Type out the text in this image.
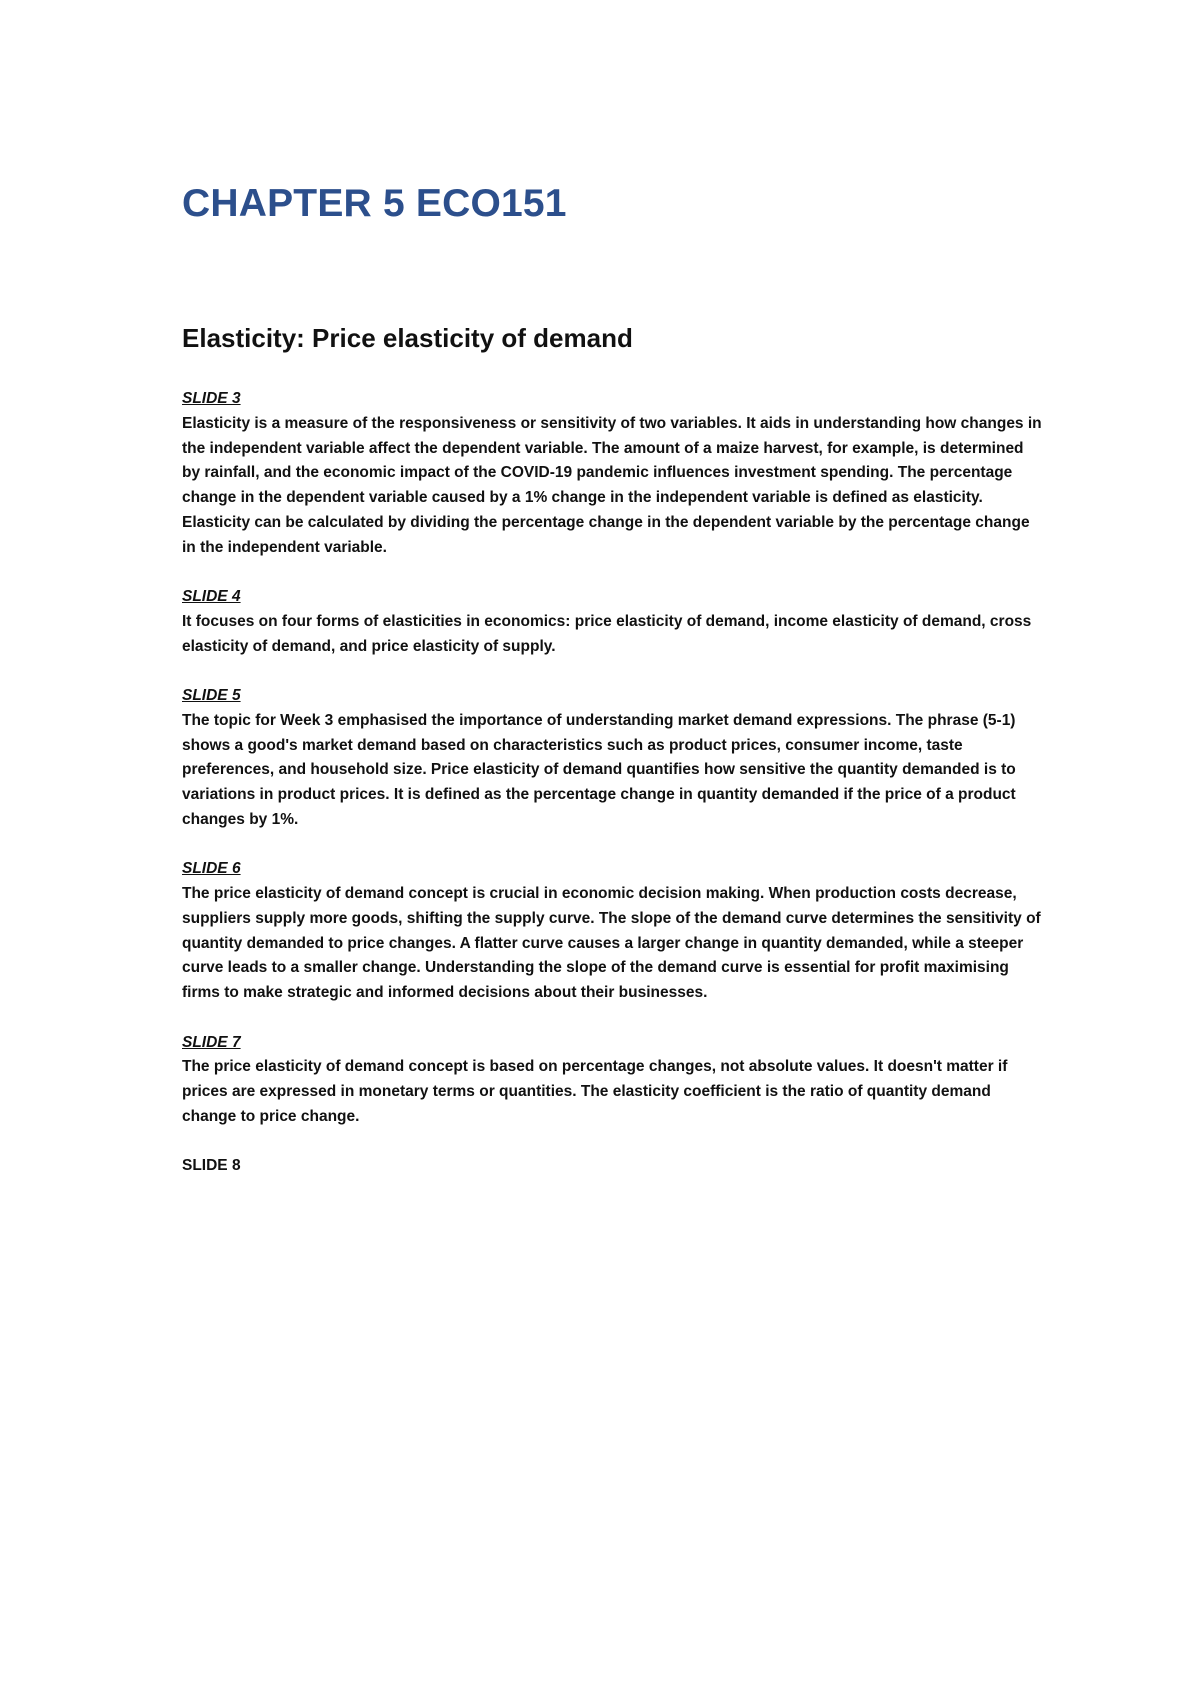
CHAPTER 5 ECO151
Elasticity: Price elasticity of demand
SLIDE 3

Elasticity is a measure of the responsiveness or sensitivity of two variables. It aids in understanding how changes in the independent variable affect the dependent variable. The amount of a maize harvest, for example, is determined by rainfall, and the economic impact of the COVID-19 pandemic influences investment spending. The percentage change in the dependent variable caused by a 1% change in the independent variable is defined as elasticity. Elasticity can be calculated by dividing the percentage change in the dependent variable by the percentage change in the independent variable.

SLIDE 4

It focuses on four forms of elasticities in economics: price elasticity of demand, income elasticity of demand, cross elasticity of demand, and price elasticity of supply.

SLIDE 5

The topic for Week 3 emphasised the importance of understanding market demand expressions. The phrase (5-1) shows a good's market demand based on characteristics such as product prices, consumer income, taste preferences, and household size. Price elasticity of demand quantifies how sensitive the quantity demanded is to variations in product prices. It is defined as the percentage change in quantity demanded if the price of a product changes by 1%.

SLIDE 6

The price elasticity of demand concept is crucial in economic decision making. When production costs decrease, suppliers supply more goods, shifting the supply curve. The slope of the demand curve determines the sensitivity of quantity demanded to price changes. A flatter curve causes a larger change in quantity demanded, while a steeper curve leads to a smaller change. Understanding the slope of the demand curve is essential for profit maximising firms to make strategic and informed decisions about their businesses.

SLIDE 7

The price elasticity of demand concept is based on percentage changes, not absolute values. It doesn't matter if prices are expressed in monetary terms or quantities. The elasticity coefficient is the ratio of quantity demand change to price change.

SLIDE 8
